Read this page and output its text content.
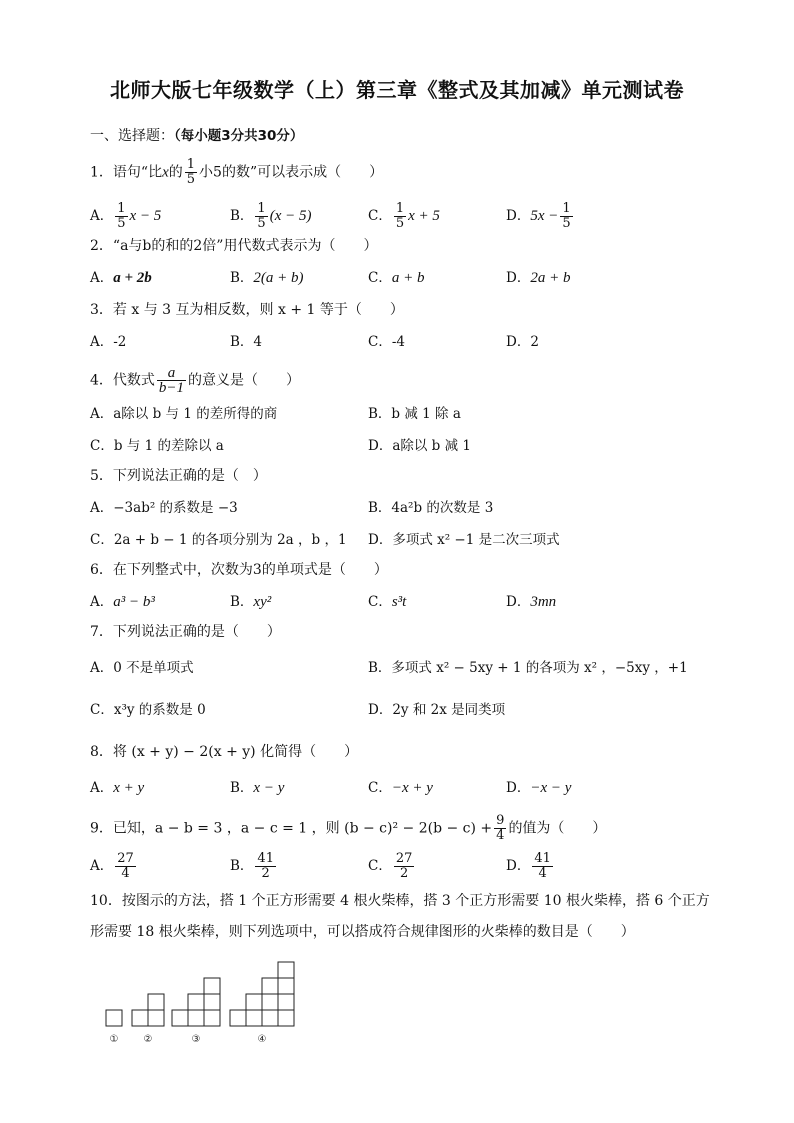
北师大版七年级数学（上）第三章《整式及其加减》单元测试卷
一、选择题：（每小题3分共30分）
1．语句“比x的 $\frac{1}{5}$ 小5的数”可以表示成（　　）
A． $\frac{1}{5}$ x − 5	B． $\frac{1}{5} (x - 5)$	C． $\frac{1}{5}$ x + 5	D．$5x - \frac{1}{5}$
2．“a与b的和的2倍”用代数式表示为（　　）
A．a + 2b	B．2(a + b)	C．a + b	D．2a + b
3．若 x 与 3 互为相反数，则 x + 1 等于（　　）
A．-2	B．4	C．-4	D．2
4．代数式 $\frac{a}{b-1}$ 的意义是（　　）
A．a除以 b 与 1 的差所得的商	B．b 减 1 除 a
C．b 与 1 的差除以 a	D．a除以 b 减 1
5．下列说法正确的是（　）
A．−3ab² 的系数是 −3	B．4a²b 的次数是 3
C．2a + b − 1 的各项分别为 2a ，b ，1 D．多项式 x² −1 是二次三项式
6．在下列整式中，次数为3的单项式是（　　）
A．a³ − b³	B．xy²	C．s³t	D．3mn
7．下列说法正确的是（　　）
A．0 不是单项式	B．多项式 x² − 5xy + 1 的各项为 x² ，−5xy ，+1
C．x³y 的系数是 0	D．2y 和 2x 是同类项
8．将 (x + y) − 2(x + y) 化简得（　　）
A．x + y	B．x − y	C．−x + y	D．−x − y
9．已知，a − b = 3 ，a − c = 1 ，则 $(b - c)^2 - 2(b - c) + \frac{9}{4}$ 的值为（　　）
A． $\frac{27}{4}$	B． $\frac{41}{2}$	C． $\frac{27}{2}$	D． $\frac{41}{4}$
10．按图示的方法，搭 1 个正方形需要 4 根火柴棒，搭 3 个正方形需要 10 根火柴棒，搭 6 个正方形需要 18 根火柴棒，则下列选项中，可以搭成符合规律图形的火柴棒的数目是（　　）
①	②	③	④
